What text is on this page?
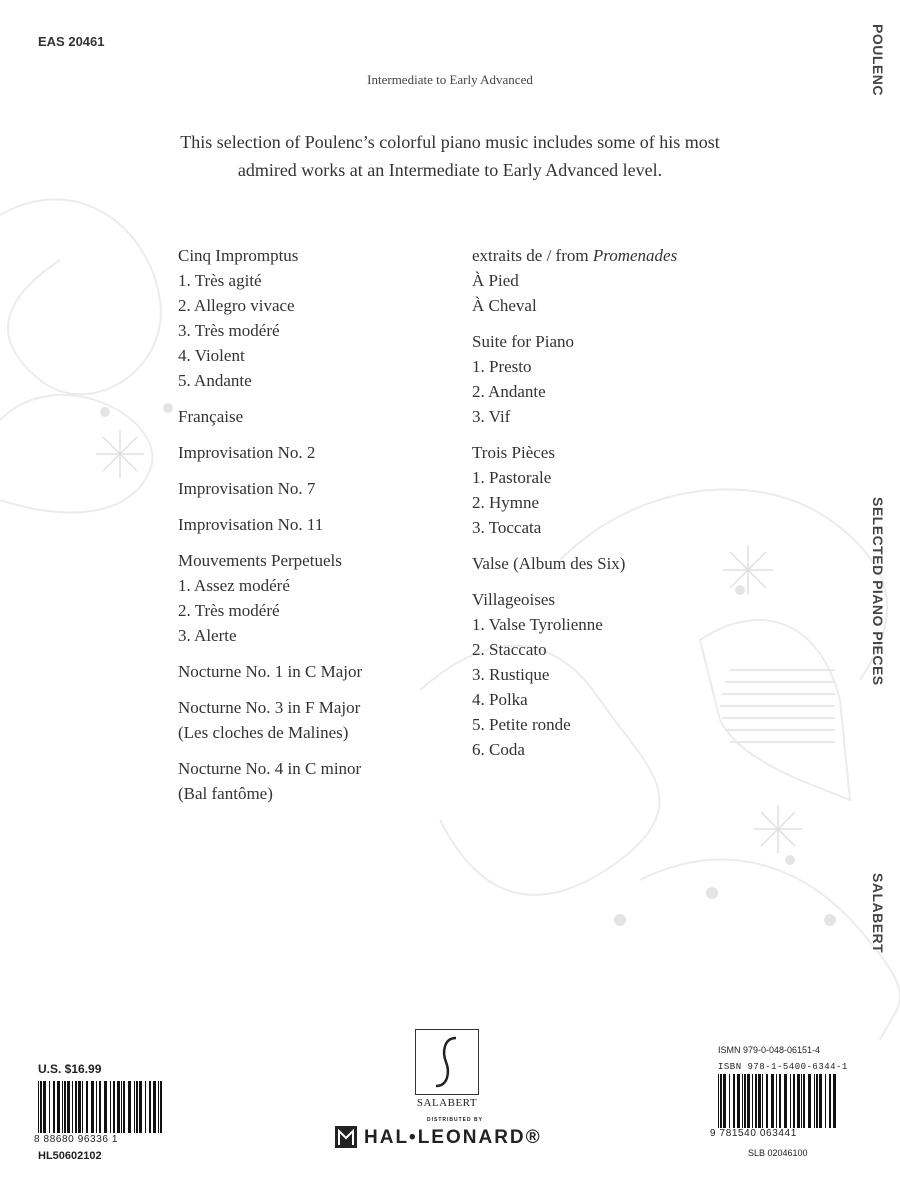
EAS 20461
Intermediate to Early Advanced
This selection of Poulenc’s colorful piano music includes some of his most
admired works at an Intermediate to Early Advanced level.
POULENC
SELECTED PIANO PIECES
SALABERT
Cinq Impromptus
1. Très agité
2. Allegro vivace
3. Très modéré
4. Violent
5. Andante
Française
Improvisation No. 2
Improvisation No. 7
Improvisation No. 11
Mouvements Perpetuels
1. Assez modéré
2. Très modéré
3. Alerte
Nocturne No. 1 in C Major
Nocturne No. 3 in F Major
(Les cloches de Malines)
Nocturne No. 4 in C minor
(Bal fantôme)
extraits de / from Promenades
À Pied
À Cheval
Suite for Piano
1. Presto
2. Andante
3. Vif
Trois Pièces
1. Pastorale
2. Hymne
3. Toccata
Valse (Album des Six)
Villageoises
1. Valse Tyrolienne
2. Staccato
3. Rustique
4. Polka
5. Petite ronde
6. Coda
U.S. $16.99
8 88680 96336 1
HL50602102
SALABERT
DISTRIBUTED BY
HAL•LEONARD®
ISMN 979-0-048-06151-4
ISBN 978-1-5400-6344-1
9 781540 063441
SLB 02046100
